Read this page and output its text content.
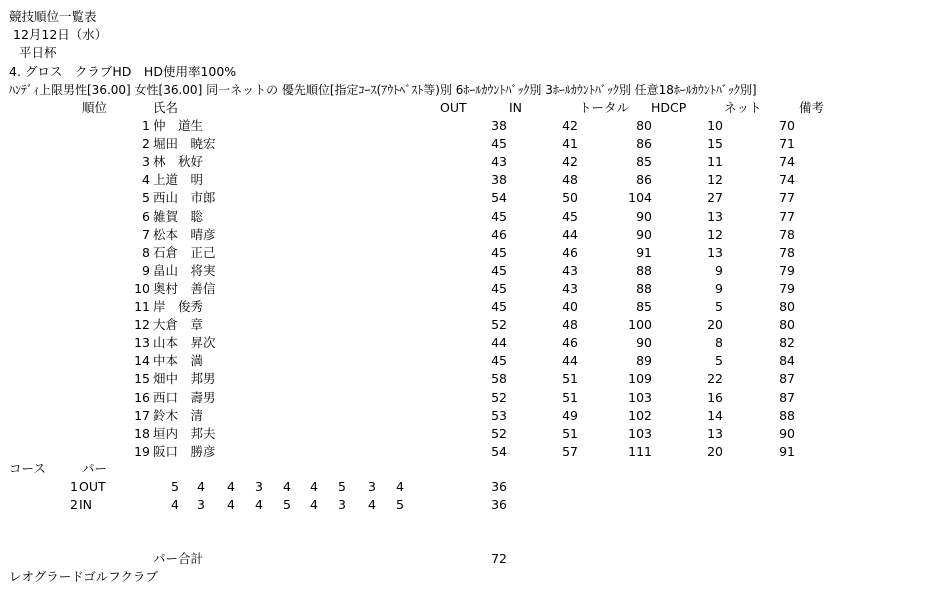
競技順位一覧表
12月12日（水）
平日杯
4. グロス　クラブHD　HD使用率100%
ﾊﾝﾃﾞｨ上限男性[36.00] 女性[36.00] 同一ネットの 優先順位[指定ｺｰｽ(ｱｳﾄﾍﾞｽﾄ等)別 6ﾎｰﾙｶｳﾝﾄﾊﾞｯｸ別 3ﾎｰﾙｶｳﾝﾄﾊﾞｯｸ別 任意18ﾎｰﾙｶｳﾝﾄﾊﾞｯｸ別]
順位	氏名	OUT	IN	トータル HDCP	ネット	備考
1 仲　道生	38	42	80	10	70
2 堀田　暁宏	45	41	86	15	71
3 林　秋好	43	42	85	11	74
4 上道　明	38	48	86	12	74
5 西山　市郎	54	50	104	27	77
6 雑賀　聡	45	45	90	13	77
7 松本　晴彦	46	44	90	12	78
8 石倉　正己	45	46	91	13	78
9 畠山　将実	45	43	88	9	79
10 奥村　善信	45	43	88	9	79
11 岸　俊秀	45	40	85	5	80
12 大倉　章	52	48	100	20	80
13 山本　昇次	44	46	90	8	82
14 中本　満	45	44	89	5	84
15 畑中　邦男	58	51	109	22	87
16 西口　壽男	52	51	103	16	87
17 鈴木　清	53	49	102	14	88
18 垣内　邦夫	52	51	103	13	90
19 阪口　勝彦	54	57	111	20	91
コース	パー
1 OUT	5 4 4 3 4 4 5 3 4	36
2 IN	4 3 4 4 5 4 3 4 5	36
パー合計	72
レオグラードゴルフクラブ
